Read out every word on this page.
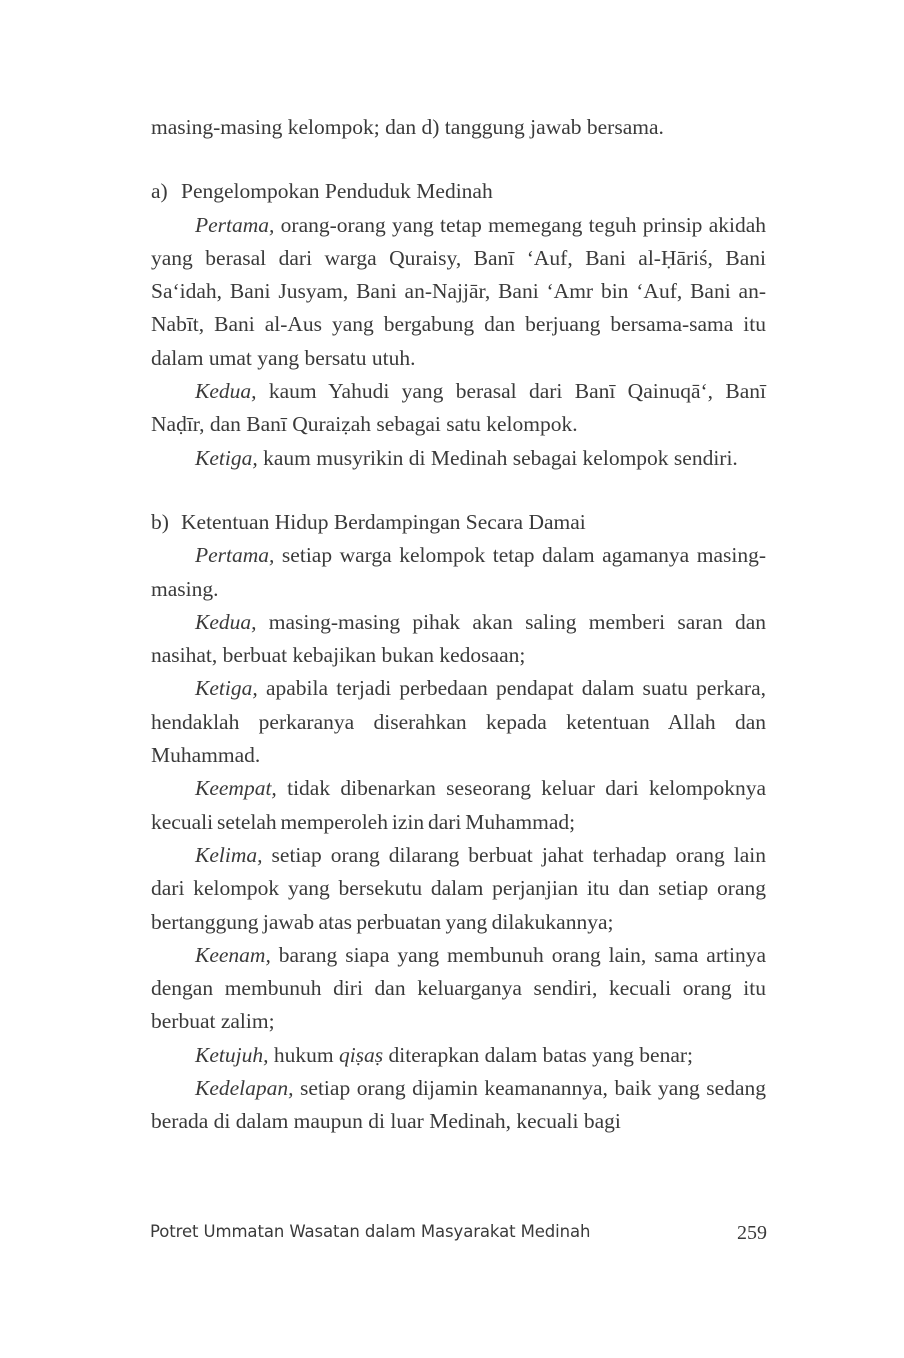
masing-masing kelompok; dan d) tanggung jawab bersama.

a) Pengelompokan Penduduk Medinah

Pertama, orang-orang yang tetap memegang teguh prinsip akidah yang berasal dari warga Quraisy, Banī ‘Auf, Bani al-Ḥāriś, Bani Sa‘idah, Bani Jusyam, Bani an-Najjār, Bani ‘Amr bin ‘Auf, Bani an-Nabīt, Bani al-Aus yang bergabung dan berjuang bersama-sama itu dalam umat yang bersatu utuh.

Kedua, kaum Yahudi yang berasal dari Banī Qainuqā‘, Banī Naḍīr, dan Banī Quraiẓah sebagai satu kelompok.

Ketiga, kaum musyrikin di Medinah sebagai kelompok sendiri.

b) Ketentuan Hidup Berdampingan Secara Damai

Pertama, setiap warga kelompok tetap dalam agamanya masing-masing.

Kedua, masing-masing pihak akan saling memberi saran dan nasihat, berbuat kebajikan bukan kedosaan;

Ketiga, apabila terjadi perbedaan pendapat dalam suatu perkara, hendaklah perkaranya diserahkan kepada ketentuan Allah dan Muhammad.

Keempat, tidak dibenarkan seseorang keluar dari kelompoknya kecuali setelah memperoleh izin dari Muhammad;

Kelima, setiap orang dilarang berbuat jahat terhadap orang lain dari kelompok yang bersekutu dalam perjanjian itu dan setiap orang bertanggung jawab atas perbuatan yang dilakukannya;

Keenam, barang siapa yang membunuh orang lain, sama artinya dengan membunuh diri dan keluarganya sendiri, kecuali orang itu berbuat zalim;

Ketujuh, hukum qiṣaṣ diterapkan dalam batas yang benar;

Kedelapan, setiap orang dijamin keamanannya, baik yang sedang berada di dalam maupun di luar Medinah, kecuali bagi

Potret Ummatan Wasatan dalam Masyarakat Medinah	259
